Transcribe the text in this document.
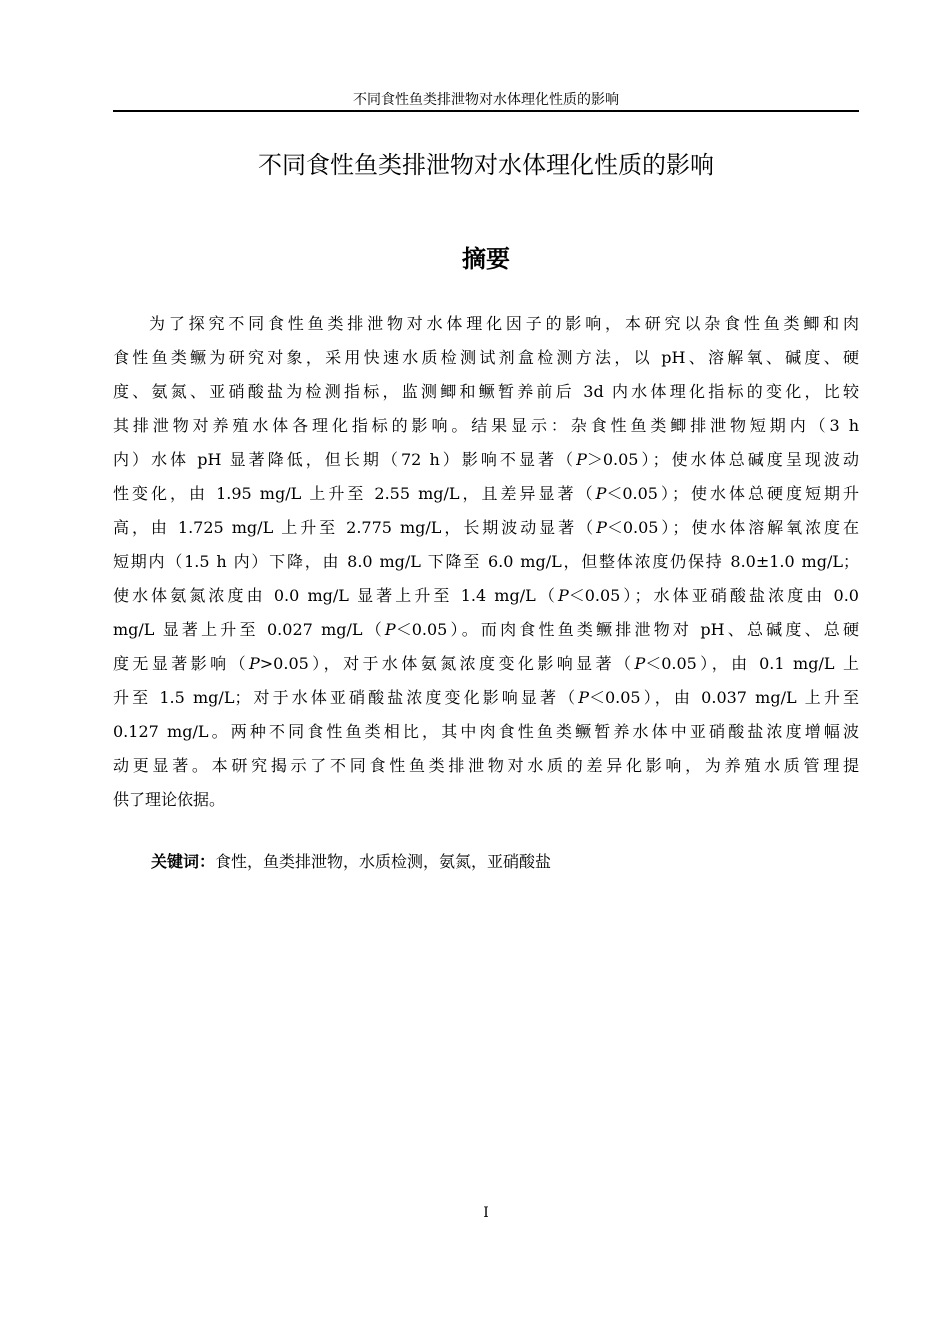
不同食性鱼类排泄物对水体理化性质的影响
不同食性鱼类排泄物对水体理化性质的影响
摘要
为了探究不同食性鱼类排泄物对水体理化因子的影响，本研究以杂食性鱼类鲫和肉
食性鱼类鳜为研究对象，采用快速水质检测试剂盒检测方法，以 pH、溶解氧、碱度、硬
度、氨氮、亚硝酸盐为检测指标，监测鲫和鳜暂养前后 3d 内水体理化指标的变化，比较
其排泄物对养殖水体各理化指标的影响。结果显示：杂食性鱼类鲫排泄物短期内（3 h
内）水体 pH 显著降低，但长期（72 h）影响不显著（P＞0.05）；使水体总碱度呈现波动
性变化，由 1.95 mg/L 上升至 2.55 mg/L，且差异显著（P＜0.05）；使水体总硬度短期升
高，由 1.725 mg/L 上升至 2.775 mg/L，长期波动显著（P＜0.05）；使水体溶解氧浓度在
短期内（1.5 h 内）下降，由 8.0 mg/L 下降至 6.0 mg/L，但整体浓度仍保持 8.0±1.0 mg/L；
使水体氨氮浓度由 0.0 mg/L 显著上升至 1.4 mg/L（P＜0.05）；水体亚硝酸盐浓度由 0.0
mg/L 显著上升至 0.027 mg/L（P＜0.05）。而肉食性鱼类鳜排泄物对 pH、总碱度、总硬
度无显著影响（P>0.05），对于水体氨氮浓度变化影响显著（P＜0.05），由 0.1 mg/L 上
升至 1.5 mg/L；对于水体亚硝酸盐浓度变化影响显著（P＜0.05），由 0.037 mg/L 上升至
0.127 mg/L。两种不同食性鱼类相比，其中肉食性鱼类鳜暂养水体中亚硝酸盐浓度增幅波
动更显著。本研究揭示了不同食性鱼类排泄物对水质的差异化影响，为养殖水质管理提
供了理论依据。
关键词：食性，鱼类排泄物，水质检测，氨氮，亚硝酸盐
I
